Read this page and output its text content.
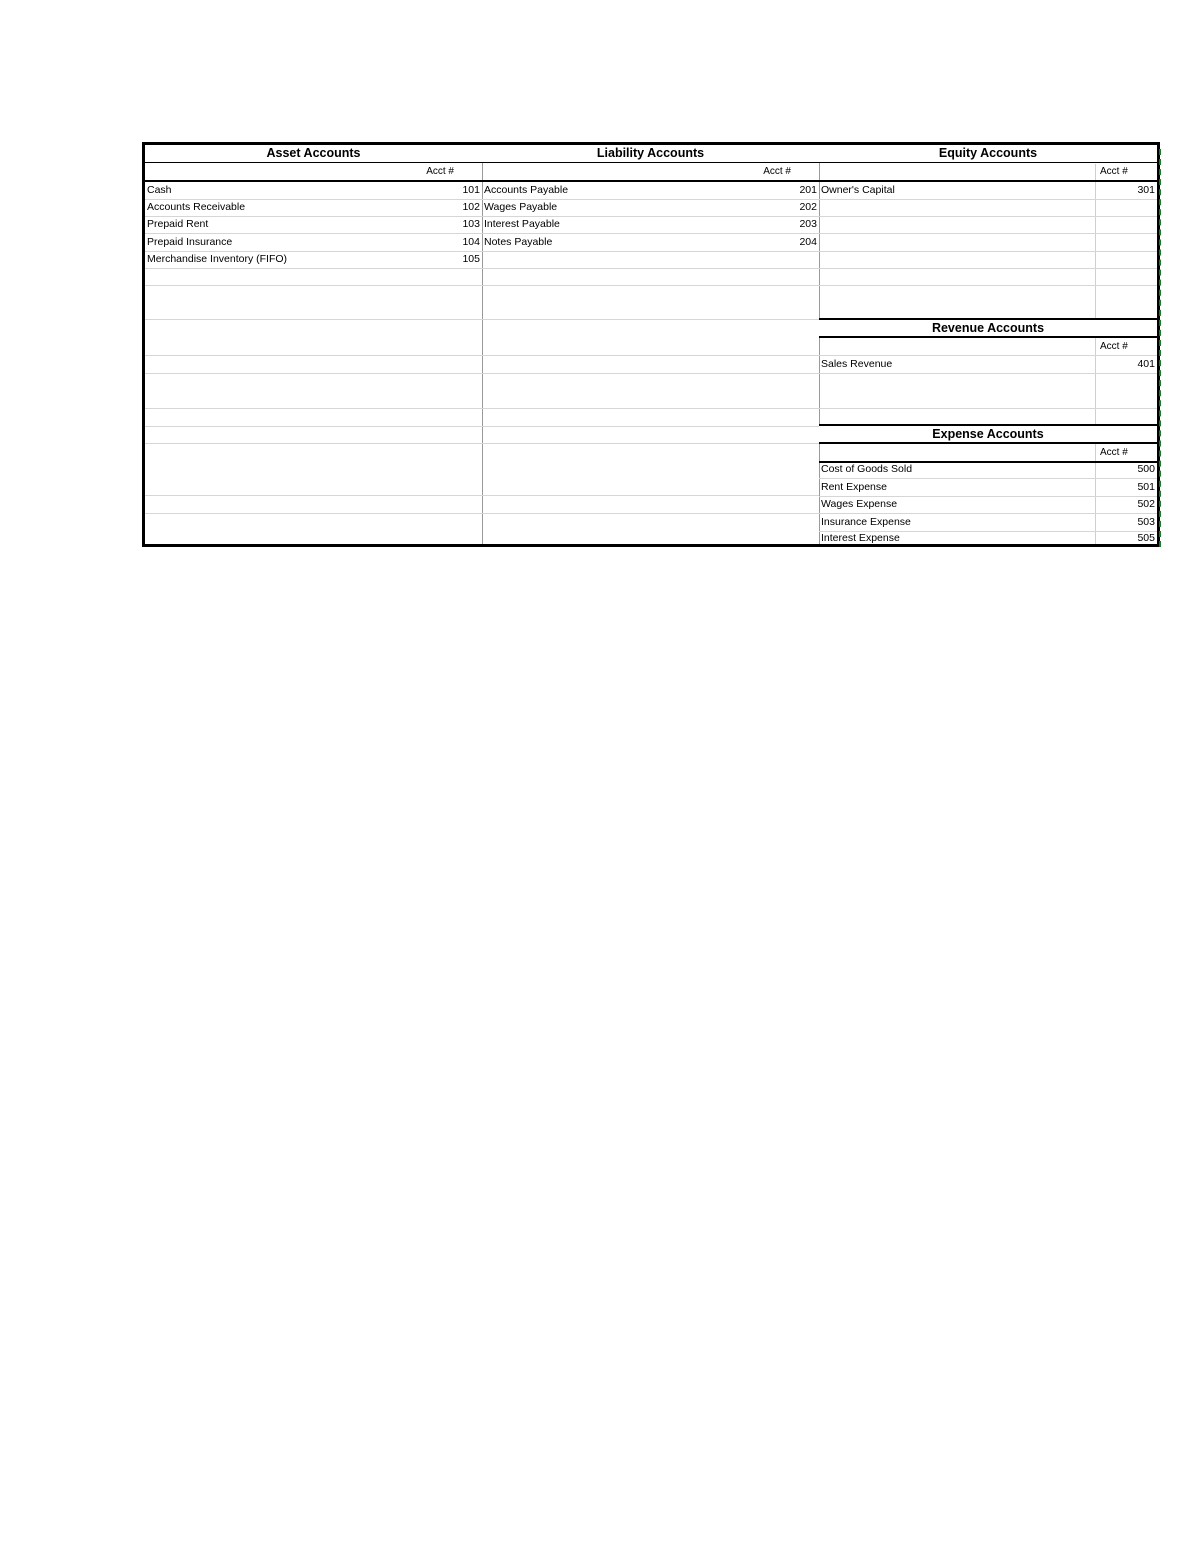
Asset Accounts
Acct #
Cash	101
Accounts Receivable	102
Prepaid Rent	103
Prepaid Insurance	104
Merchandise Inventory (FIFO)	105
Liability Accounts
Acct #
Accounts Payable	201
Wages Payable	202
Interest Payable	203
Notes Payable	204
Equity Accounts
Acct #
Owner's Capital	301
Revenue Accounts
Acct #
Sales Revenue	401
Expense Accounts
Acct #
Cost of Goods Sold	500
Rent Expense	501
Wages Expense	502
Insurance Expense	503
Interest Expense	505
